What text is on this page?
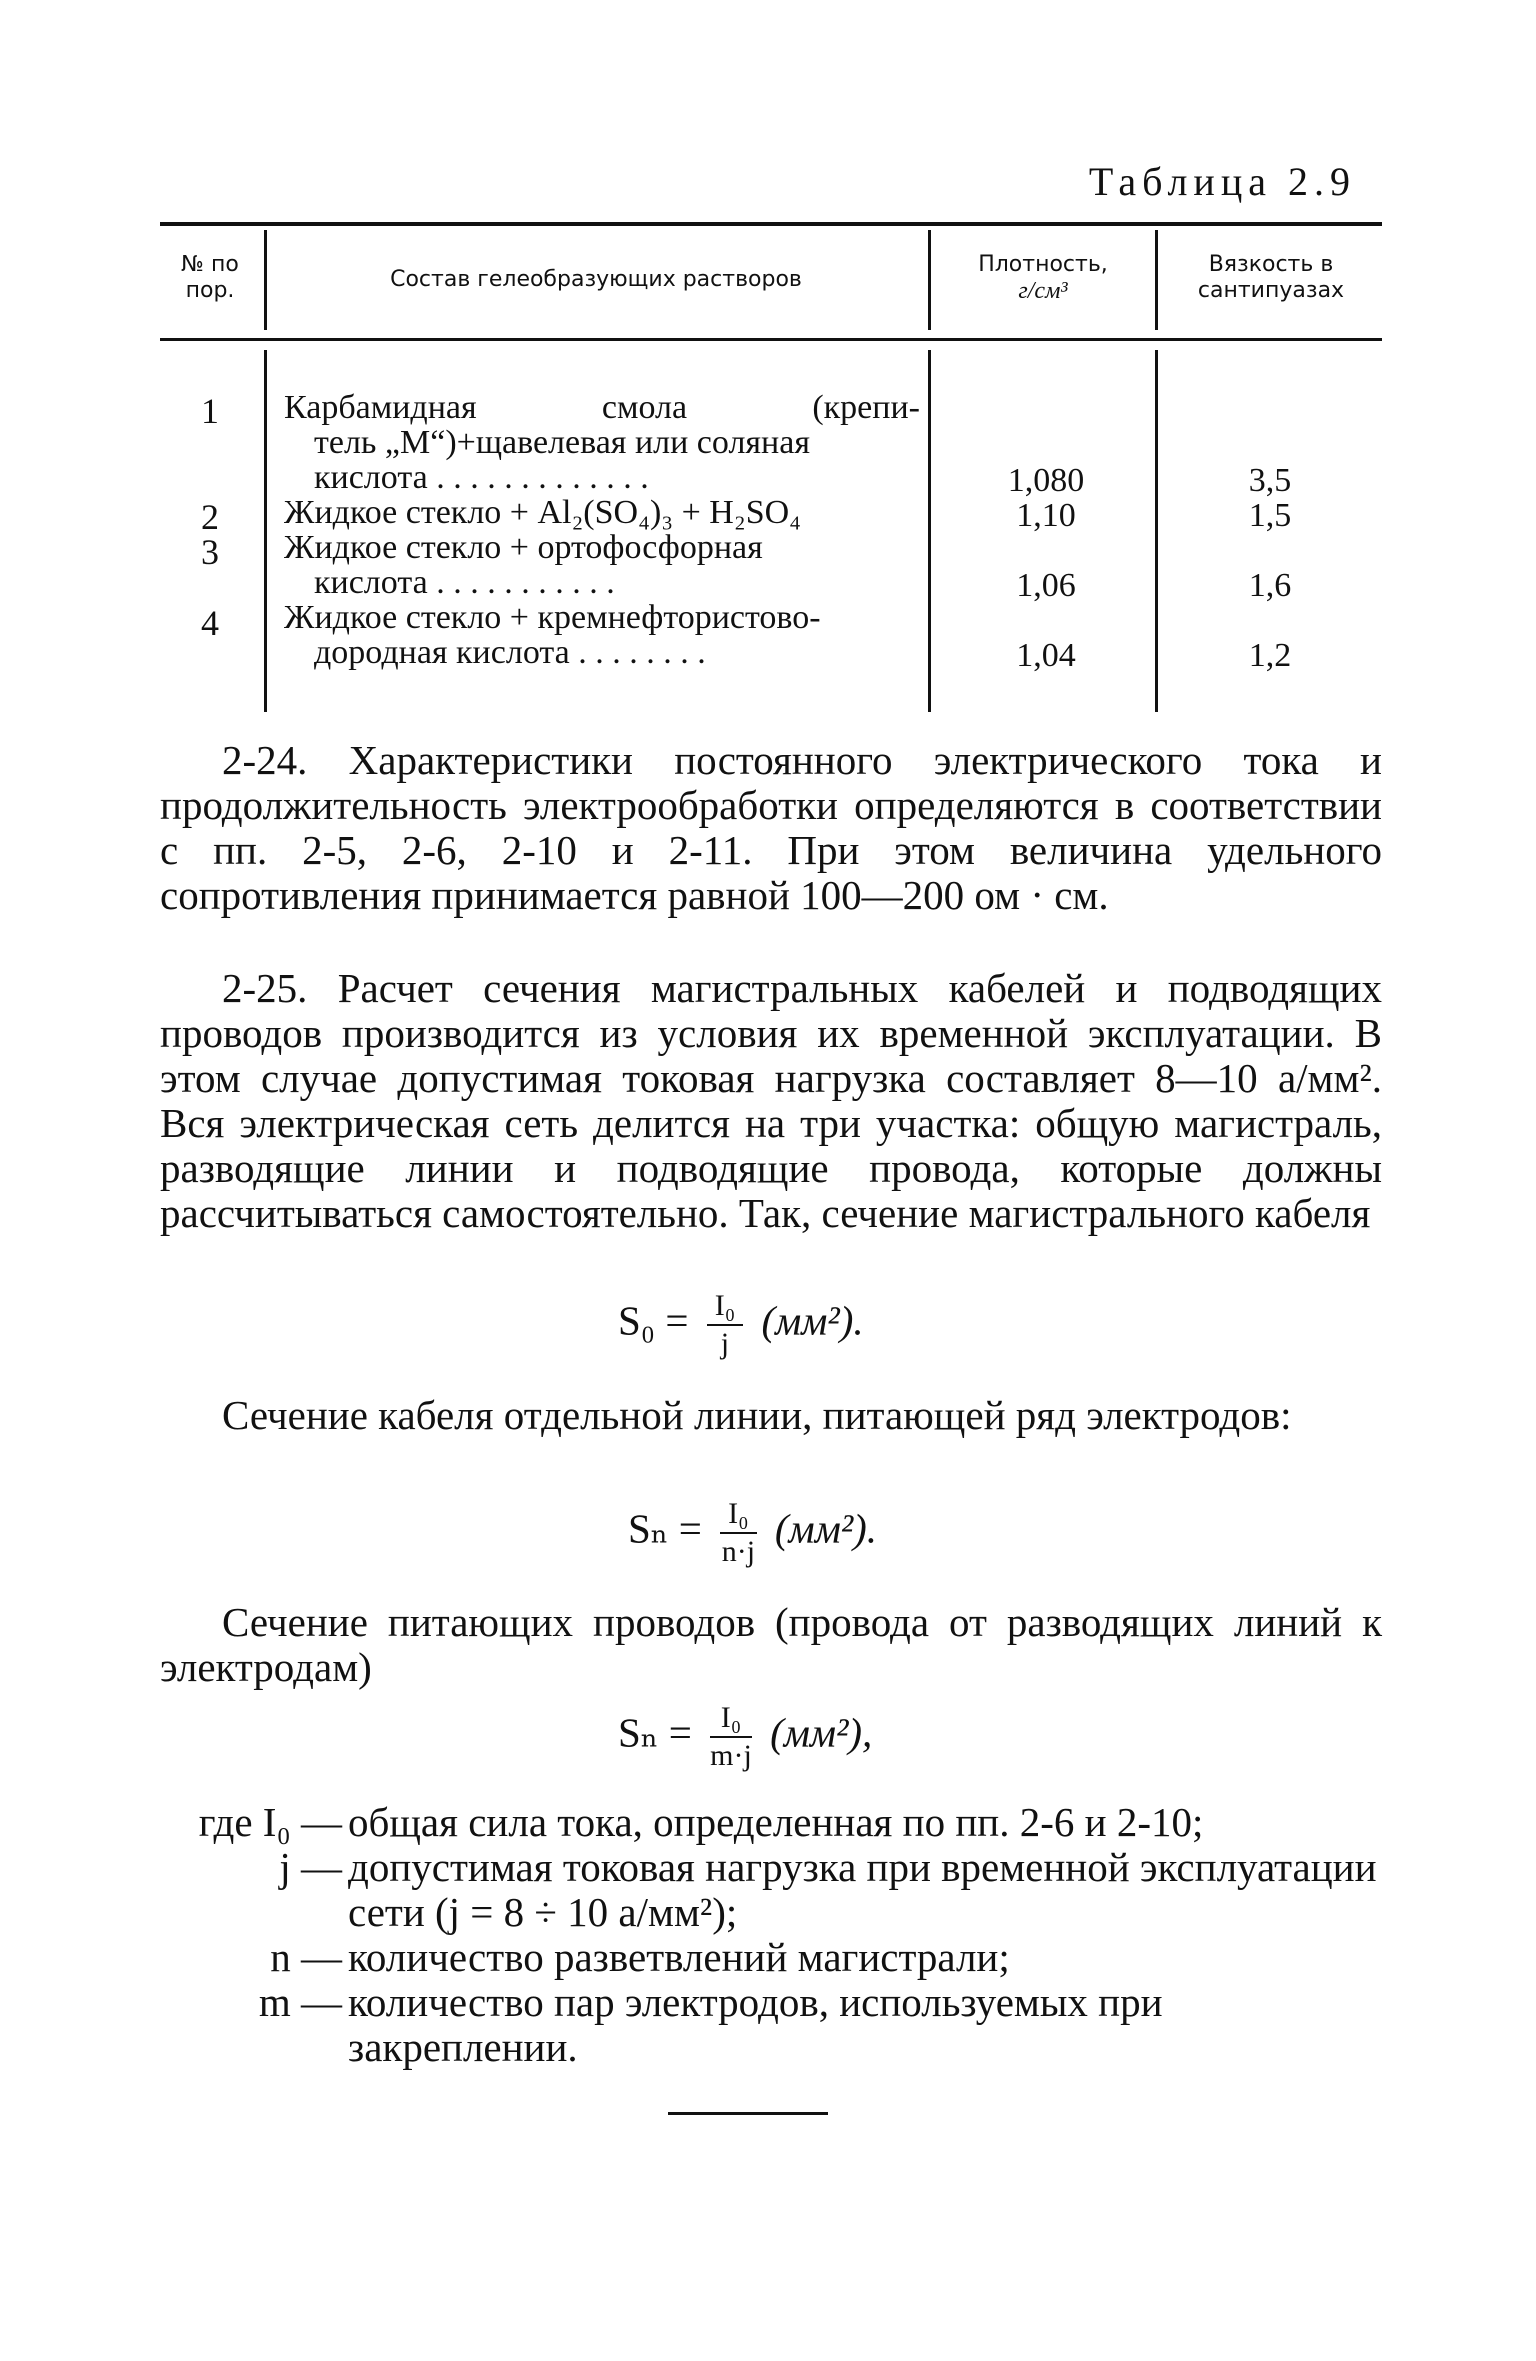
Таблица 2.9
№ по
пор.	Состав гелеобразующих растворов
Плотность,
г/см³
Вязкость в
сантипуазах
1
2
3
4
Карбамидная смола (крепи-
тель „М“)+щавелевая или соляная
кислота . . . . . . . . . . . . .
Жидкое стекло + Al₂(SO₄)₃ + H₂SO₄
Жидкое стекло + ортофосфорная
кислота . . . . . . . . . . .
Жидкое стекло + кремнефтористово-
дородная кислота . . . . . . . .
1,080
1,10
1,06
1,04
3,5
1,5
1,6
1,2
2-24. Характеристики постоянного электрического тока и продолжительность электрообработки определяются в соответствии с пп. 2-5, 2-6, 2-10 и 2-11. При этом величина удельного сопротивления принимается равной 100—200 ом · см.
2-25. Расчет сечения магистральных кабелей и подводящих проводов производится из условия их временной эксплуатации. В этом случае допустимая токовая нагрузка составляет 8—10 а/мм². Вся электрическая сеть делится на три участка: общую магистраль, разводящие линии и подводящие провода, которые должны рассчитываться самостоятельно. Так, сечение магистрального кабеля
$S_0 = \frac{\text{I₀}}{j} (мм^2)$.
Сечение кабеля отдельной линии, питающей ряд электродов:
$S_n = \frac{\text{I₀}}{n\cdot j} (мм^2)$.
Сечение питающих проводов (провода от разводящих линий к электродам)
$S_n = \frac{\text{I₀}}{m\cdot j} (мм^2)$,
где I₀ — общая сила тока, определенная по пп. 2-6 и 2-10;
j — допустимая токовая нагрузка при временной эксплуатации сети (j = 8 ÷ 10 а/мм²);
n — количество разветвлений магистрали;
m — количество пар электродов, используемых при закреплении.
